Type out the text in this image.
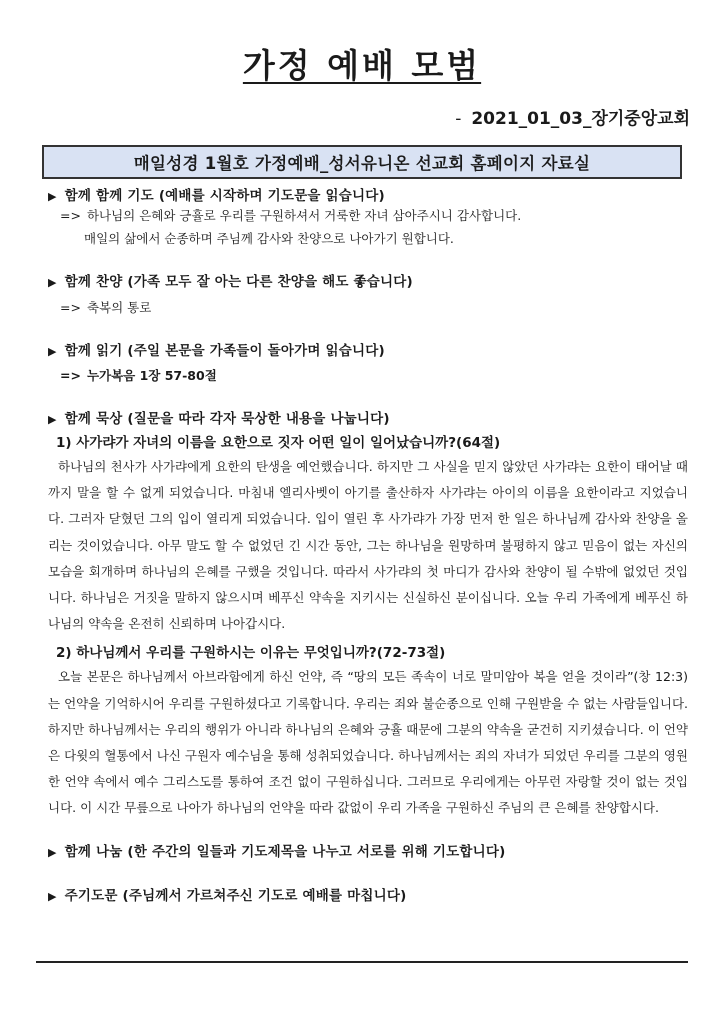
가정 예배 모범
- 2021_01_03_장기중앙교회
매일성경 1월호 가정예배_성서유니온 선교회 홈페이지 자료실
▶ 함께 함께 기도 (예배를 시작하며 기도문을 읽습니다)
=> 하나님의 은혜와 긍휼로 우리를 구원하셔서 거룩한 자녀 삼아주시니 감사합니다.
매일의 삶에서 순종하며 주님께 감사와 찬양으로 나아가기 원합니다.
▶ 함께 찬양 (가족 모두 잘 아는 다른 찬양을 해도 좋습니다)
=> 축복의 통로
▶ 함께 읽기 (주일 본문을 가족들이 돌아가며 읽습니다)
=> 누가복음 1장 57-80절
▶ 함께 묵상 (질문을 따라 각자 묵상한 내용을 나눕니다)
1) 사가랴가 자녀의 이름을 요한으로 짓자 어떤 일이 일어났습니까?(64절)
하나님의 천사가 사가랴에게 요한의 탄생을 예언했습니다. 하지만 그 사실을 믿지 않았던 사가랴는 요한이 태어날 때 까지 말을 할 수 없게 되었습니다. 마침내 엘리사벳이 아기를 출산하자 사가랴는 아이의 이름을 요한이라고 지었습니다. 그러자 닫혔던 그의 입이 열리게 되었습니다. 입이 열린 후 사가랴가 가장 먼저 한 일은 하나님께 감사와 찬양을 올리는 것이었습니다. 아무 말도 할 수 없었던 긴 시간 동안, 그는 하나님을 원망하며 불평하지 않고 믿음이 없는 자신의 모습을 회개하며 하나님의 은혜를 구했을 것입니다. 따라서 사가랴의 첫 마디가 감사와 찬양이 될 수밖에 없었던 것입니다. 하나님은 거짓을 말하지 않으시며 베푸신 약속을 지키시는 신실하신 분이십니다. 오늘 우리 가족에게 베푸신 하나님의 약속을 온전히 신뢰하며 나아갑시다.
2) 하나님께서 우리를 구원하시는 이유는 무엇입니까?(72-73절)
오늘 본문은 하나님께서 아브라함에게 하신 언약, 즉 “땅의 모든 족속이 너로 말미암아 복을 얻을 것이라”(창 12:3)는 언약을 기억하시어 우리를 구원하셨다고 기록합니다. 우리는 죄와 불순종으로 인해 구원받을 수 없는 사람들입니다. 하지만 하나님께서는 우리의 행위가 아니라 하나님의 은혜와 긍휼 때문에 그분의 약속을 굳건히 지키셨습니다. 이 언약은 다윗의 혈통에서 나신 구원자 예수님을 통해 성취되었습니다. 하나님께서는 죄의 자녀가 되었던 우리를 그분의 영원한 언약 속에서 예수 그리스도를 통하여 조건 없이 구원하십니다. 그러므로 우리에게는 아무런 자랑할 것이 없는 것입니다. 이 시간 무릎으로 나아가 하나님의 언약을 따라 값없이 우리 가족을 구원하신 주님의 큰 은혜를 찬양합시다.
▶ 함께 나눔 (한 주간의 일들과 기도제목을 나누고 서로를 위해 기도합니다)
▶ 주기도문 (주님께서 가르쳐주신 기도로 예배를 마칩니다)
